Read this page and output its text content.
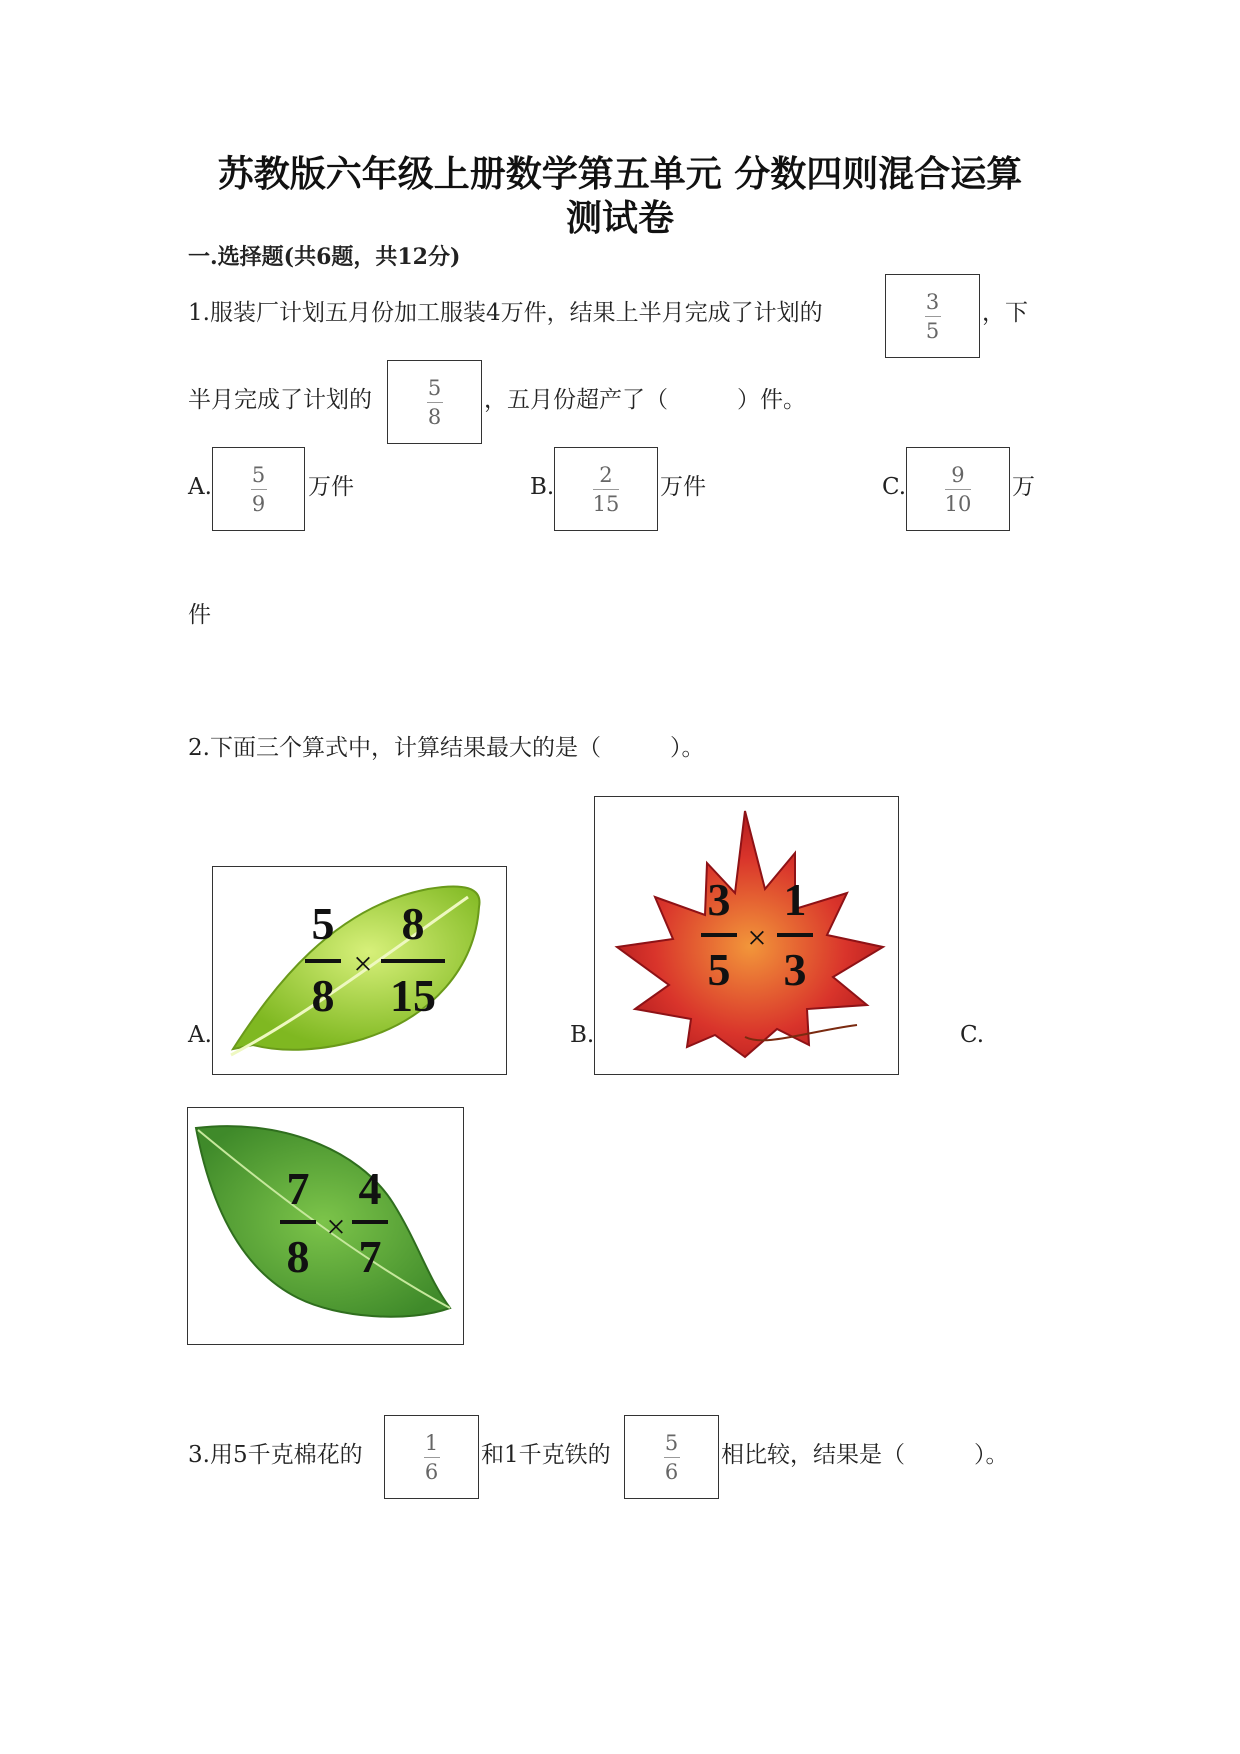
苏教版六年级上册数学第五单元 分数四则混合运算
测试卷
一.选择题(共6题，共12分)
1.服装厂计划五月份加工服装4万件，结果上半月完成了计划的	$\frac{3}{5}$ ，下
半月完成了计划的	$\frac{5}{8}$ ，五月份超产了（　　　）件。
A. $\frac{5}{9}$ 万件	B. $\frac{2}{15}$ 万件	C. $\frac{9}{10}$ 万
件
2.下面三个算式中，计算结果最大的是（　　　）。
A.
5
8
×
8
15
B.
3
5
×
1
3
C.
7
8
×
4
7
3.用5千克棉花的	$\frac{1}{6}$ 和1千克铁的	$\frac{5}{6}$ 相比较，结果是（　　　）。
